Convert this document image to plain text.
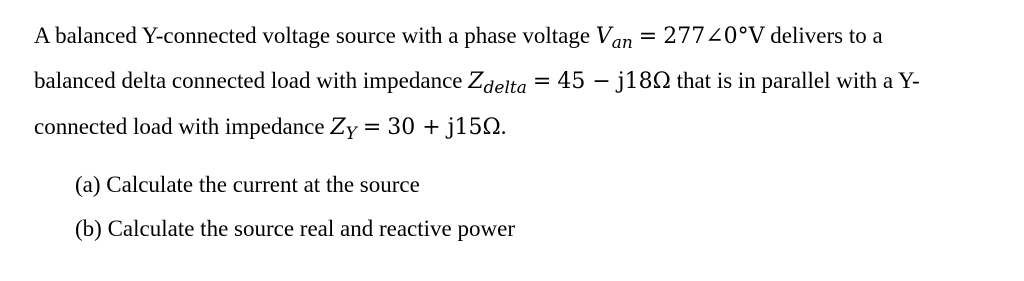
A balanced Y-connected voltage source with a phase voltage $V_{an}$ = 277∠0°V delivers to a
balanced delta connected load with impedance $Z_{delta} = 45 - j18\Omega$ that is in parallel with a Y-
connected load with impedance $Z_Y = 30 + j15\Omega$.
(a) Calculate the current at the source
(b) Calculate the source real and reactive power
